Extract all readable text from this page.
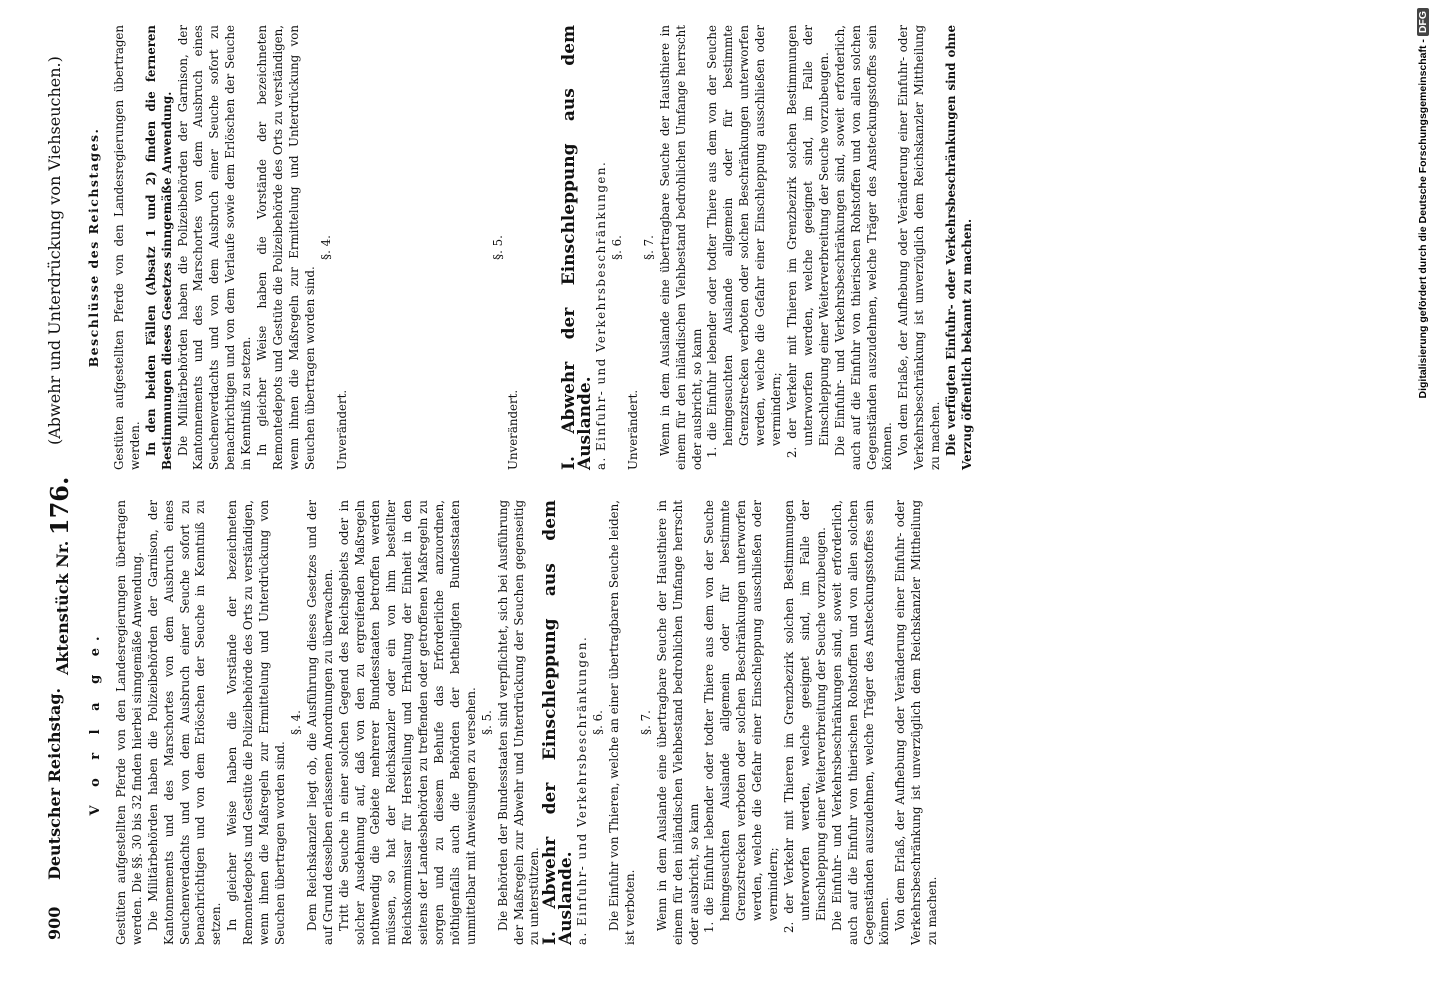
900
Deutscher Reichstag.
Aktenstück Nr. 176.
(Abwehr und Unterdrückung von Viehseuchen.)
V o r l a g e. Gestüten aufgestellten Pferde von den Landesregierungen übertragen werden. Die §§. 30 bis 32 finden hierbei sinngemäße Anwendung. Die Militärbehörden haben die Polizeibehörden der Garnison, der Kantonnements und des Marschortes von dem Ausbruch eines Seuchenverdachts und von dem Ausbruch einer Seuche sofort zu benachrichtigen und von dem Erlöschen der Seuche in Kenntniß zu setzen. In gleicher Weise haben die Vorstände der bezeichneten Remontedepots und Gestüte die Polizeibehörde des Orts zu verständigen, wenn ihnen die Maßregeln zur Ermittelung und Unterdrückung von Seuchen übertragen worden sind.

§. 4. Dem Reichskanzler liegt ob, die Ausführung dieses Gesetzes und der auf Grund desselben erlassenen Anordnungen zu überwachen. Tritt die Seuche in einer solchen Gegend des Reichsgebiets oder in solcher Ausdehnung auf, daß von den zu ergreifenden Maßregeln nothwendig die Gebiete mehrerer Bundesstaaten betroffen werden müssen, so hat der Reichskanzler oder ein von ihm bestellter Reichskommissar für Herstellung und Erhaltung der Einheit in den seitens der Landesbehörden zu treffenden oder getroffenen Maßregeln zu sorgen und zu diesem Behufe das Erforderliche anzuordnen, nöthigenfalls auch die Behörden der betheiligten Bundesstaaten unmittelbar mit Anweisungen zu versehen. §. 5. Die Behörden der Bundesstaaten sind verpflichtet, sich bei Ausführung der Maßregeln zur Abwehr und Unterdrückung der Seuchen gegenseitig zu unterstützen.

I. Abwehr der Einschleppung aus dem Auslande.

a. Einfuhr- und Verkehrsbeschränkungen. §. 6. Die Einfuhr von Thieren, welche an einer übertragbaren Seuche leiden, ist verboten.

§. 7. Wenn in dem Auslande eine übertragbare Seuche der Hausthiere in einem für den inländischen Viehbestand bedrohlichen Umfange herrscht oder ausbricht, so kann 1. die Einfuhr lebender oder todter Thiere aus dem von der Seuche heimgesuchten Auslande allgemein oder für bestimmte Grenzstrecken verboten oder solchen Beschränkungen unterworfen werden, welche die Gefahr einer Einschleppung ausschließen oder vermindern; 2. der Verkehr mit Thieren im Grenzbezirk solchen Bestimmungen unterworfen werden, welche geeignet sind, im Falle der Einschleppung einer Weiterverbreitung der Seuche vorzubeugen. Die Einfuhr- und Verkehrsbeschränkungen sind, soweit erforderlich, auch auf die Einfuhr von thierischen Rohstoffen und von allen solchen Gegenständen auszudehnen, welche Träger des Ansteckungsstoffes sein können. Von dem Erlaß, der Aufhebung oder Veränderung einer Einfuhr- oder Verkehrsbeschränkung ist unverzüglich dem Reichskanzler Mittheilung zu machen.

Beschlüsse des Reichstages. Gestüten aufgestellten Pferde von den Landesregierungen übertragen werden. In den beiden Fällen (Absatz 1 und 2) finden die ferneren Bestimmungen dieses Gesetzes sinngemäße Anwendung. Die Militärbehörden haben die Polizeibehörden der Garnison, der Kantonnements und des Marschortes von dem Ausbruch eines Seuchenverdachts und von dem Ausbruch einer Seuche sofort zu benachrichtigen und von dem Verlaufe sowie dem Erlöschen der Seuche in Kenntniß zu setzen. In gleicher Weise haben die Vorstände der bezeichneten Remontedepots und Gestüte die Polizeibehörde des Orts zu verständigen, wenn ihnen die Maßregeln zur Ermittelung und Unterdrückung von Seuchen übertragen worden sind.

§. 4.

Unverändert.

§. 5.

Unverändert. I. Abwehr der Einschleppung aus dem Auslande.

a. Einfuhr- und Verkehrsbeschränkungen. §. 6.

Unverändert.

§. 7. Wenn in dem Auslande eine übertragbare Seuche der Hausthiere in einem für den inländischen Viehbestand bedrohlichen Umfange herrscht oder ausbricht, so kann 1. die Einfuhr lebender oder todter Thiere aus dem von der Seuche heimgesuchten Auslande allgemein oder für bestimmte Grenzstrecken verboten oder solchen Beschränkungen unterworfen werden, welche die Gefahr einer Einschleppung ausschließen oder vermindern; 2. der Verkehr mit Thieren im Grenzbezirk solchen Bestimmungen unterworfen werden, welche geeignet sind, im Falle der Einschleppung einer Weiterverbreitung der Seuche vorzubeugen. Die Einfuhr- und Verkehrsbeschränkungen sind, soweit erforderlich, auch auf die Einfuhr von thierischen Rohstoffen und von allen solchen Gegenständen auszudehnen, welche Träger des Ansteckungsstoffes sein können. Von dem Erlaße, der Aufhebung oder Veränderung einer Einfuhr- oder Verkehrsbeschränkung ist unverzüglich dem Reichskanzler Mittheilung zu machen. Die verfügten Einfuhr- oder Verkehrsbeschränkungen sind ohne Verzug öffentlich bekannt zu machen.	Digitalisierung gefördert durch die Deutsche Forschungsgemeinschaft - DFG
